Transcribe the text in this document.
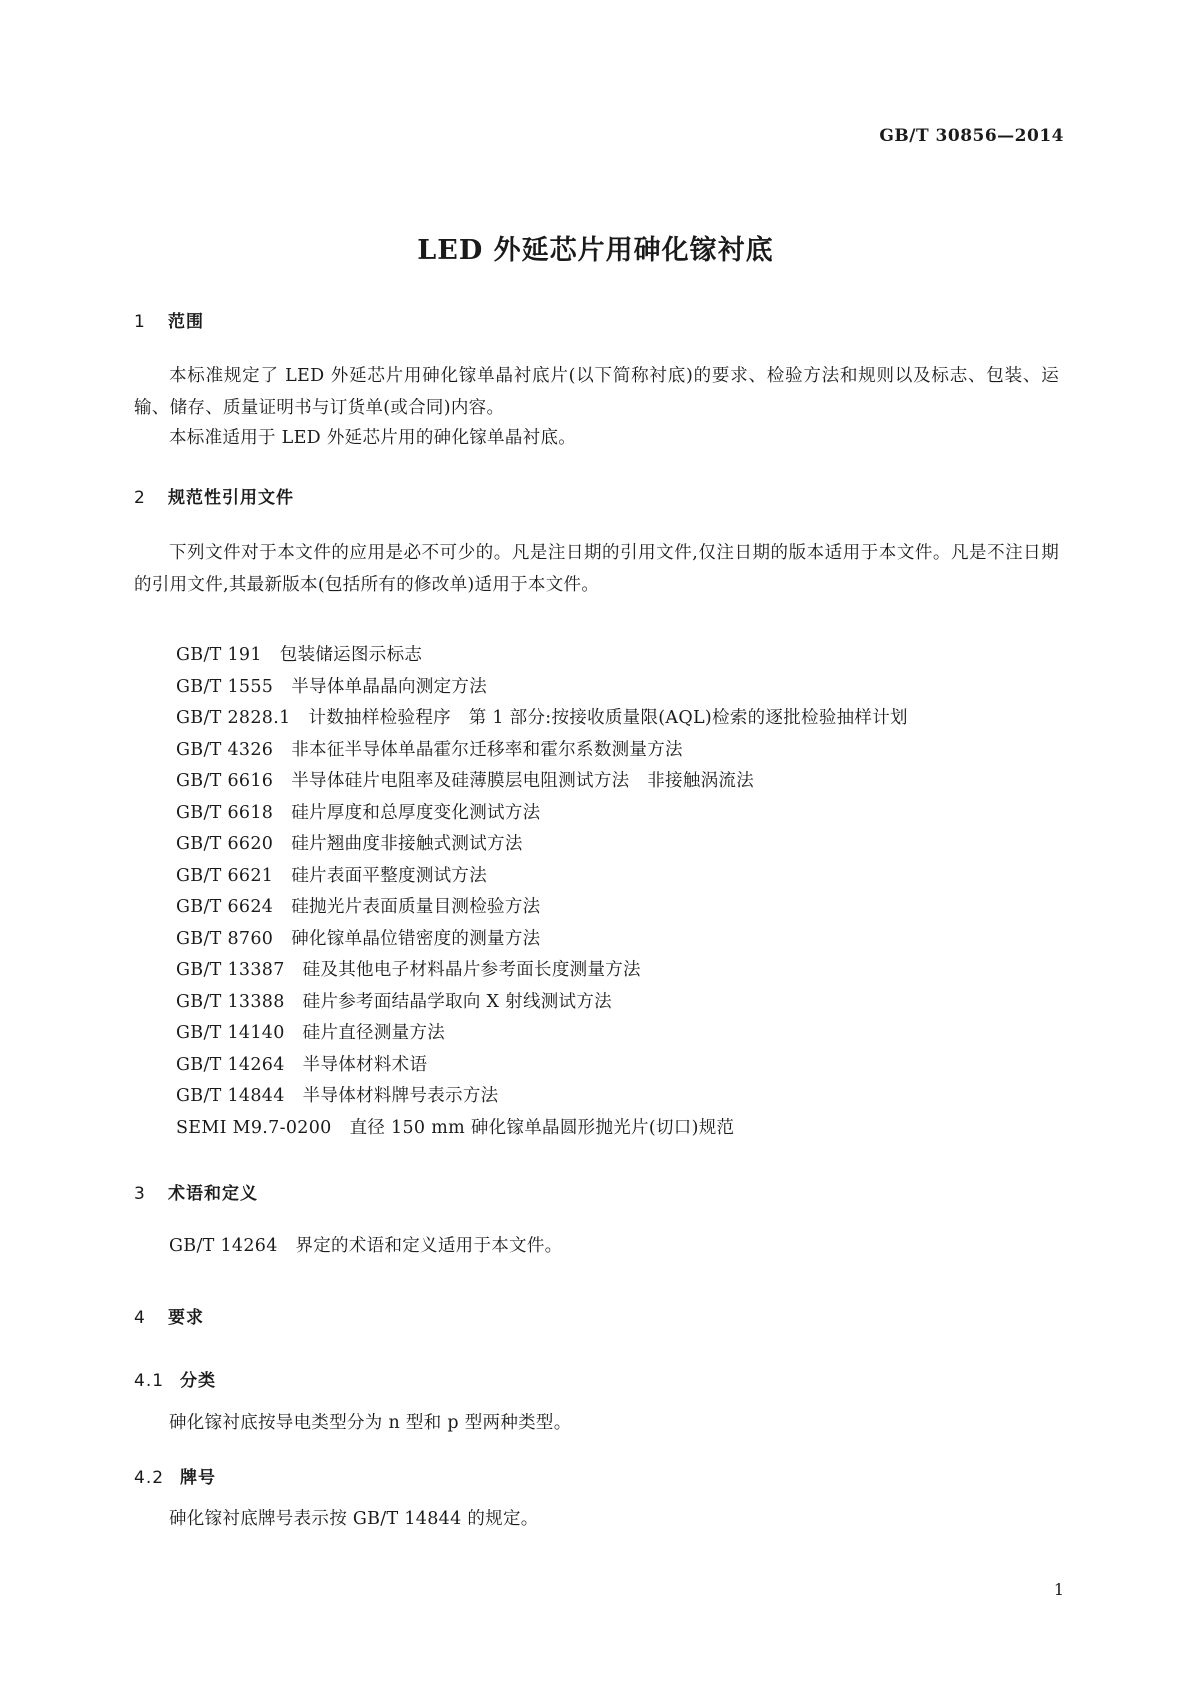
GB/T 30856—2014
LED 外延芯片用砷化镓衬底
1 范围
本标准规定了 LED 外延芯片用砷化镓单晶衬底片(以下简称衬底)的要求、检验方法和规则以及标志、包装、运输、储存、质量证明书与订货单(或合同)内容。
本标准适用于 LED 外延芯片用的砷化镓单晶衬底。
2 规范性引用文件
下列文件对于本文件的应用是必不可少的。凡是注日期的引用文件,仅注日期的版本适用于本文件。凡是不注日期的引用文件,其最新版本(包括所有的修改单)适用于本文件。
GB/T 191 包装储运图示标志
GB/T 1555 半导体单晶晶向测定方法
GB/T 2828.1 计数抽样检验程序　第 1 部分:按接收质量限(AQL)检索的逐批检验抽样计划
GB/T 4326 非本征半导体单晶霍尔迁移率和霍尔系数测量方法
GB/T 6616 半导体硅片电阻率及硅薄膜层电阻测试方法　非接触涡流法
GB/T 6618 硅片厚度和总厚度变化测试方法
GB/T 6620 硅片翘曲度非接触式测试方法
GB/T 6621 硅片表面平整度测试方法
GB/T 6624 硅抛光片表面质量目测检验方法
GB/T 8760 砷化镓单晶位错密度的测量方法
GB/T 13387 硅及其他电子材料晶片参考面长度测量方法
GB/T 13388 硅片参考面结晶学取向 X 射线测试方法
GB/T 14140 硅片直径测量方法
GB/T 14264 半导体材料术语
GB/T 14844 半导体材料牌号表示方法
SEMI M9.7-0200 直径 150 mm 砷化镓单晶圆形抛光片(切口)规范
3 术语和定义
GB/T 14264　界定的术语和定义适用于本文件。
4 要求
4.1 分类
砷化镓衬底按导电类型分为 n 型和 p 型两种类型。
4.2 牌号
砷化镓衬底牌号表示按 GB/T 14844 的规定。
1
